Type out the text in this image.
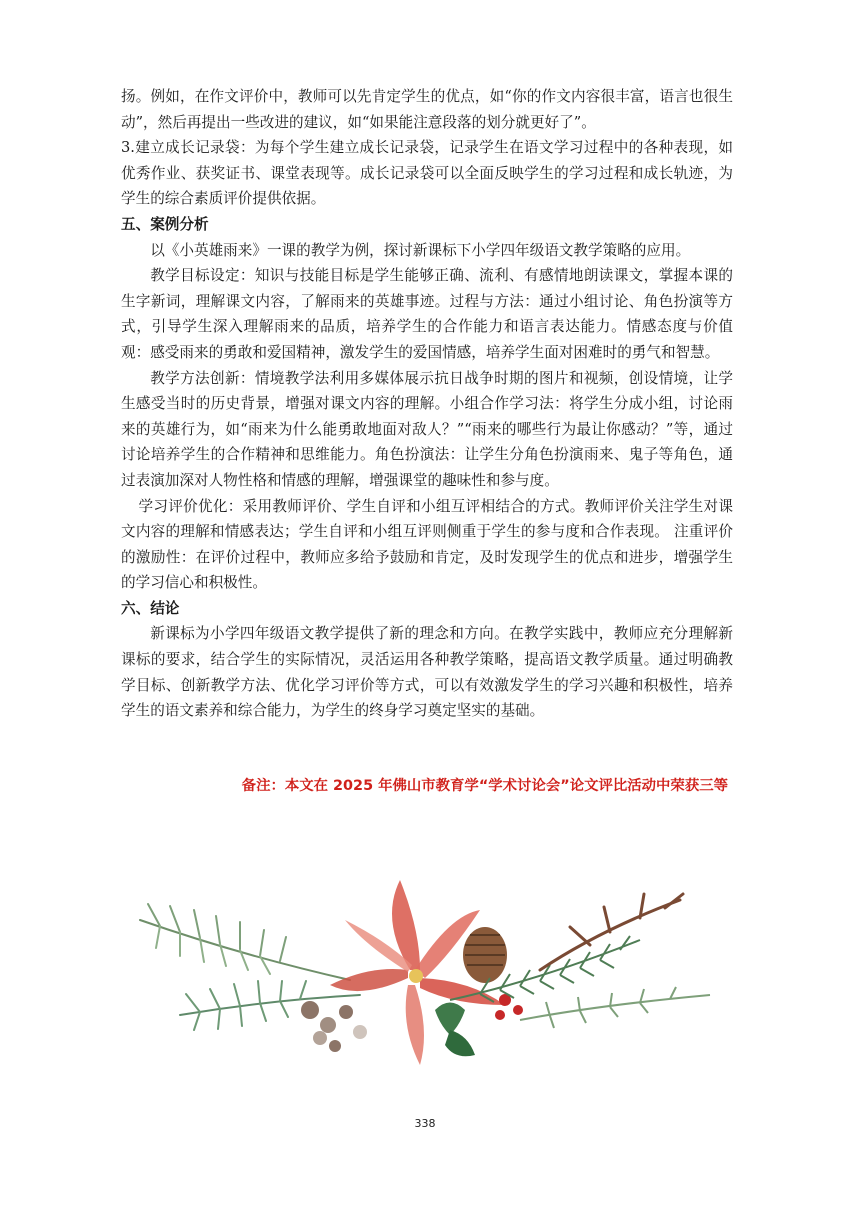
扬。例如，在作文评价中，教师可以先肯定学生的优点，如“你的作文内容很丰富，语言也很生动”，然后再提出一些改进的建议，如“如果能注意段落的划分就更好了”。

3.建立成长记录袋：为每个学生建立成长记录袋，记录学生在语文学习过程中的各种表现，如优秀作业、获奖证书、课堂表现等。成长记录袋可以全面反映学生的学习过程和成长轨迹，为学生的综合素质评价提供依据。

五、案例分析

以《小英雄雨来》一课的教学为例，探讨新课标下小学四年级语文教学策略的应用。

教学目标设定：知识与技能目标是学生能够正确、流利、有感情地朗读课文，掌握本课的生字新词，理解课文内容，了解雨来的英雄事迹。过程与方法：通过小组讨论、角色扮演等方式，引导学生深入理解雨来的品质，培养学生的合作能力和语言表达能力。情感态度与价值观：感受雨来的勇敢和爱国精神，激发学生的爱国情感，培养学生面对困难时的勇气和智慧。

教学方法创新：情境教学法利用多媒体展示抗日战争时期的图片和视频，创设情境，让学生感受当时的历史背景，增强对课文内容的理解。小组合作学习法：将学生分成小组，讨论雨来的英雄行为，如“雨来为什么能勇敢地面对敌人？”“雨来的哪些行为最让你感动？”等，通过讨论培养学生的合作精神和思维能力。角色扮演法：让学生分角色扮演雨来、鬼子等角色，通过表演加深对人物性格和情感的理解，增强课堂的趣味性和参与度。

学习评价优化：采用教师评价、学生自评和小组互评相结合的方式。教师评价关注学生对课文内容的理解和情感表达；学生自评和小组互评则侧重于学生的参与度和合作表现。 注重评价的激励性：在评价过程中，教师应多给予鼓励和肯定，及时发现学生的优点和进步，增强学生的学习信心和积极性。

六、结论

新课标为小学四年级语文教学提供了新的理念和方向。在教学实践中，教师应充分理解新课标的要求，结合学生的实际情况，灵活运用各种教学策略，提高语文教学质量。通过明确教学目标、创新教学方法、优化学习评价等方式，可以有效激发学生的学习兴趣和积极性，培养学生的语文素养和综合能力，为学生的终身学习奠定坚实的基础。

备注：本文在 2025 年佛山市教育学“学术讨论会”论文评比活动中荣获三等
338
